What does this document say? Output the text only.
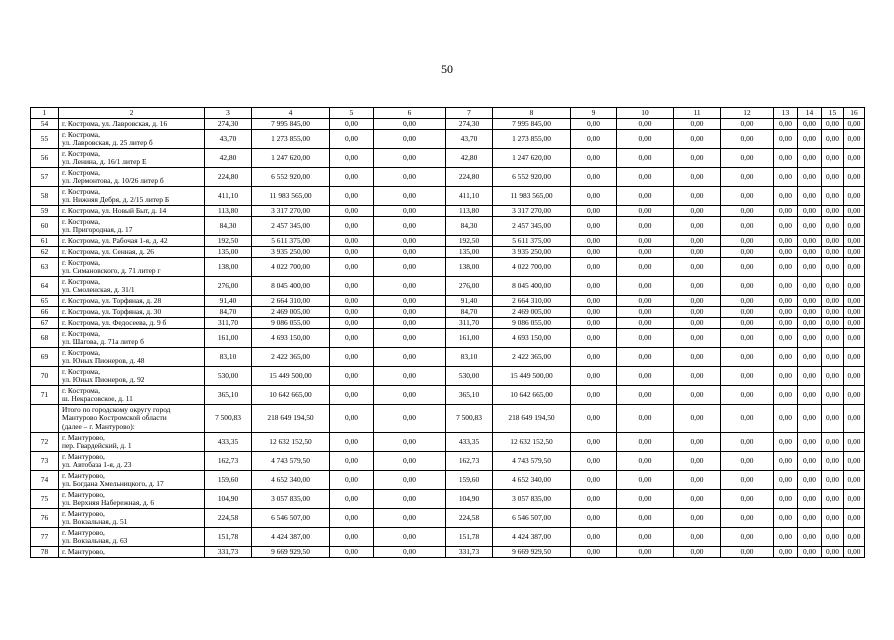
50
1	2	3	4	5	6	7	8	9	10	11	12	13	14	15	16
54	г. Кострома, ул. Лавровская, д. 16	274,30	7 995 845,00	0,00	0,00	274,30	7 995 845,00	0,00	0,00	0,00	0,00	0,00	0,00	0,00	0,00
55	г. Кострома,
ул. Лавровская, д. 25 литер б	43,70	1 273 855,00	0,00	0,00	43,70	1 273 855,00	0,00	0,00	0,00	0,00	0,00	0,00	0,00	0,00
56	г. Кострома,
ул. Ленина, д. 16/1 литер Е	42,80	1 247 620,00	0,00	0,00	42,80	1 247 620,00	0,00	0,00	0,00	0,00	0,00	0,00	0,00	0,00
57	г. Кострома,
ул. Лермонтова, д. 10/26 литер б	224,80	6 552 920,00	0,00	0,00	224,80	6 552 920,00	0,00	0,00	0,00	0,00	0,00	0,00	0,00	0,00
58	г. Кострома,
ул. Нижняя Дебря, д. 2/15 литер Б	411,10	11 983 565,00	0,00	0,00	411,10	11 983 565,00	0,00	0,00	0,00	0,00	0,00	0,00	0,00	0,00
59	г. Кострома, ул. Новый Быт, д. 14	113,80	3 317 270,00	0,00	0,00	113,80	3 317 270,00	0,00	0,00	0,00	0,00	0,00	0,00	0,00	0,00
60	г. Кострома,
ул. Пригородная, д. 17	84,30	2 457 345,00	0,00	0,00	84,30	2 457 345,00	0,00	0,00	0,00	0,00	0,00	0,00	0,00	0,00
61	г. Кострома, ул. Рабочая 1-я, д. 42	192,50	5 611 375,00	0,00	0,00	192,50	5 611 375,00	0,00	0,00	0,00	0,00	0,00	0,00	0,00	0,00
62	г. Кострома, ул. Сенная, д. 26	135,00	3 935 250,00	0,00	0,00	135,00	3 935 250,00	0,00	0,00	0,00	0,00	0,00	0,00	0,00	0,00
63	г. Кострома,
ул. Симановского, д. 71 литер г	138,00	4 022 700,00	0,00	0,00	138,00	4 022 700,00	0,00	0,00	0,00	0,00	0,00	0,00	0,00	0,00
64	г. Кострома,
ул. Смоленская, д. 31/1	276,00	8 045 400,00	0,00	0,00	276,00	8 045 400,00	0,00	0,00	0,00	0,00	0,00	0,00	0,00	0,00
65	г. Кострома, ул. Торфяная, д. 28	91,40	2 664 310,00	0,00	0,00	91,40	2 664 310,00	0,00	0,00	0,00	0,00	0,00	0,00	0,00	0,00
66	г. Кострома, ул. Торфяная, д. 30	84,70	2 469 005,00	0,00	0,00	84,70	2 469 005,00	0,00	0,00	0,00	0,00	0,00	0,00	0,00	0,00
67	г. Кострома, ул. Федосеева, д. 9 б	311,70	9 086 055,00	0,00	0,00	311,70	9 086 055,00	0,00	0,00	0,00	0,00	0,00	0,00	0,00	0,00
68	г. Кострома,
ул. Шагова, д. 71а литер б	161,00	4 693 150,00	0,00	0,00	161,00	4 693 150,00	0,00	0,00	0,00	0,00	0,00	0,00	0,00	0,00
69	г. Кострома,
ул. Юных Пионеров, д. 48	83,10	2 422 365,00	0,00	0,00	83,10	2 422 365,00	0,00	0,00	0,00	0,00	0,00	0,00	0,00	0,00
70	г. Кострома,
ул. Юных Пионеров, д. 92	530,00	15 449 500,00	0,00	0,00	530,00	15 449 500,00	0,00	0,00	0,00	0,00	0,00	0,00	0,00	0,00
71	г. Кострома,
ш. Некрасовское, д. 11	365,10	10 642 665,00	0,00	0,00	365,10	10 642 665,00	0,00	0,00	0,00	0,00	0,00	0,00	0,00	0,00
	Итого по городскому округу город
Мантурово Костромской области
(далее – г. Мантурово):	7 500,83	218 649 194,50	0,00	0,00	7 500,83	218 649 194,50	0,00	0,00	0,00	0,00	0,00	0,00	0,00	0,00
72	г. Мантурово,
пер. Гвардейский, д. 1	433,35	12 632 152,50	0,00	0,00	433,35	12 632 152,50	0,00	0,00	0,00	0,00	0,00	0,00	0,00	0,00
73	г. Мантурово,
ул. Автобаза 1-я, д. 23	162,73	4 743 579,50	0,00	0,00	162,73	4 743 579,50	0,00	0,00	0,00	0,00	0,00	0,00	0,00	0,00
74	г. Мантурово,
ул. Богдана Хмельницкого, д. 17	159,60	4 652 340,00	0,00	0,00	159,60	4 652 340,00	0,00	0,00	0,00	0,00	0,00	0,00	0,00	0,00
75	г. Мантурово,
ул. Верхняя Набережная, д. 6	104,90	3 057 835,00	0,00	0,00	104,90	3 057 835,00	0,00	0,00	0,00	0,00	0,00	0,00	0,00	0,00
76	г. Мантурово,
ул. Вокзальная, д. 51	224,58	6 546 507,00	0,00	0,00	224,58	6 546 507,00	0,00	0,00	0,00	0,00	0,00	0,00	0,00	0,00
77	г. Мантурово,
ул. Вокзальная, д. 63	151,78	4 424 387,00	0,00	0,00	151,78	4 424 387,00	0,00	0,00	0,00	0,00	0,00	0,00	0,00	0,00
78	г. Мантурово,	331,73	9 669 929,50	0,00	0,00	331,73	9 669 929,50	0,00	0,00	0,00	0,00	0,00	0,00	0,00	0,00
